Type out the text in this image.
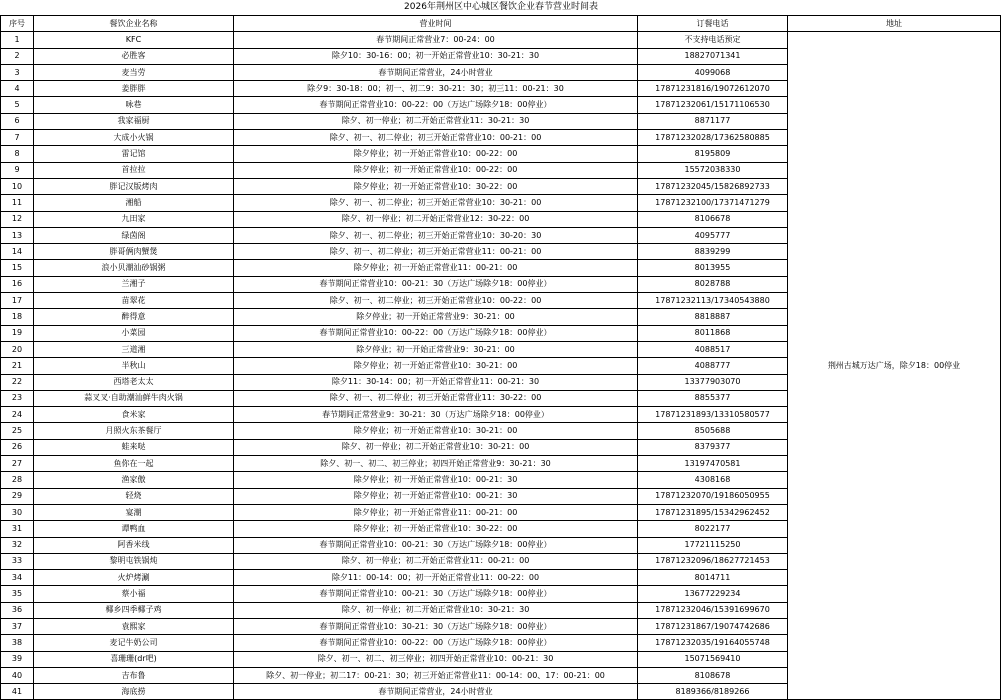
2026年荆州区中心城区餐饮企业春节营业时间表
序号	餐饮企业名称	营业时间	订餐电话	地址
1	KFC	春节期间正常营业7：00-24：00	不支持电话预定	荆州古城万达广场，除夕18：00停业
2	必胜客	除夕10：30-16：00；初一开始正常营业10：30-21：30	18827071341	
3	麦当劳	春节期间正常营业，24小时营业	4099068	
4	姜胖胖	除夕9：30-18：00；初一、初二9：30-21：30；初三11：00-21：30	17871231816/19072612070	
5	咏巷	春节期间正常营业10：00-22：00（万达广场除夕18：00停业）	17871232061/15171106530	
6	我家福厨	除夕、初一停业；初二开始正常营业11：30-21：30	8871177	
7	大成小火锅	除夕、初一、初二停业；初三开始正常营业10：00-21：00	17871232028/17362580885	
8	雷记馆	除夕停业；初一开始正常营业10：00-22：00	8195809	
9	首拉拉	除夕停业；初一开始正常营业10：00-22：00	15572038330	
10	胖记汉版烤肉	除夕停业；初一开始正常营业10：30-22：00	17871232045/15826892733	
11	湘船	除夕、初一、初二停业；初三开始正常营业10：30-21：00	17871232100/17371471279	
12	九田家	除夕、初一停业；初二开始正常营业12：30-22：00	8106678	
13	绿茵阁	除夕、初一、初二停业；初三开始正常营业10：30-20：30	4095777	
14	胖哥俩肉蟹煲	除夕、初一、初二停业；初三开始正常营业11：00-21：00	8839299	
15	浪小贝潮汕砂锅粥	除夕停业；初一开始正常营业11：00-21：00	8013955	
16	兰湘子	春节期间正常营业10：00-21：30（万达广场除夕18：00停业）	8028788	
17	苗翠花	除夕、初一、初二停业；初三开始正常营业10：00-22：00	17871232113/17340543880	
18	醉得意	除夕停业；初一开始正常营业9：30-21：00	8818887	
19	小菜园	春节期间正常营业10：00-22：00（万达广场除夕18：00停业）	8011868	
20	三道湘	除夕停业；初一开始正常营业9：30-21：00	4088517	
21	半秋山	除夕停业；初一开始正常营业10：30-21：00	4088777	
22	西塔老太太	除夕11：30-14：00；初一开始正常营业11：00-21：30	13377903070	
23	蒜叉叉·自助潮汕鲜牛肉火锅	除夕、初一、初二停业；初三开始正常营业11：30-22：00	8855377	
24	食米家	春节期间正常营业9：30-21：30（万达广场除夕18：00停业）	17871231893/13310580577	
25	月照火东茶餐厅	除夕停业；初一开始正常营业10：30-21：00	8505688	
26	蛙来哒	除夕、初一停业；初二开始正常营业10：30-21：00	8379377	
27	鱼你在一起	除夕、初一、初二、初三停业；初四开始正常营业9：30-21：30	13197470581	
28	渔家傲	除夕停业；初一开始正常营业10：00-21：30	4308168	
29	轻烧	除夕停业；初一开始正常营业10：00-21：30	17871232070/19186050955	
30	宴潮	除夕停业；初一开始正常营业11：00-21：00	17871231895/15342962452	
31	谭鸭血	除夕停业；初一开始正常营业10：30-22：00	8022177	
32	阿香米线	春节期间正常营业10：00-21：30（万达广场除夕18：00停业）	17721115250	
33	黎明屯铁锅炖	除夕、初一停业；初二开始正常营业11：00-21：00	17871232096/18627721453	
34	火炉烤涮	除夕11：00-14：00；初一开始正常营业11：00-22：00	8014711	
35	蔡小福	春节期间正常营业10：00-21：30（万达广场除夕18：00停业）	13677229234	
36	椰乡四季椰子鸡	除夕、初一停业；初二开始正常营业10：30-21：30	17871232046/15391699670	
37	袁熙家	春节期间正常营业10：30-21：30（万达广场除夕18：00停业）	17871231867/19074742686	
38	麦记牛奶公司	春节期间正常营业10：00-22：00（万达广场除夕18：00停业）	17871232035/19164055748	
39	喜珊珊(dr吧)	除夕、初一、初二、初三停业；初四开始正常营业10：00-21：30	15071569410	
40	吉布鲁	除夕、初一停业；初二17：00-21：30；初三开始正常营业11：00-14：00、17：00-21：00	8108678	
41	海底捞	春节期间正常营业，24小时营业	8189366/8189266	
